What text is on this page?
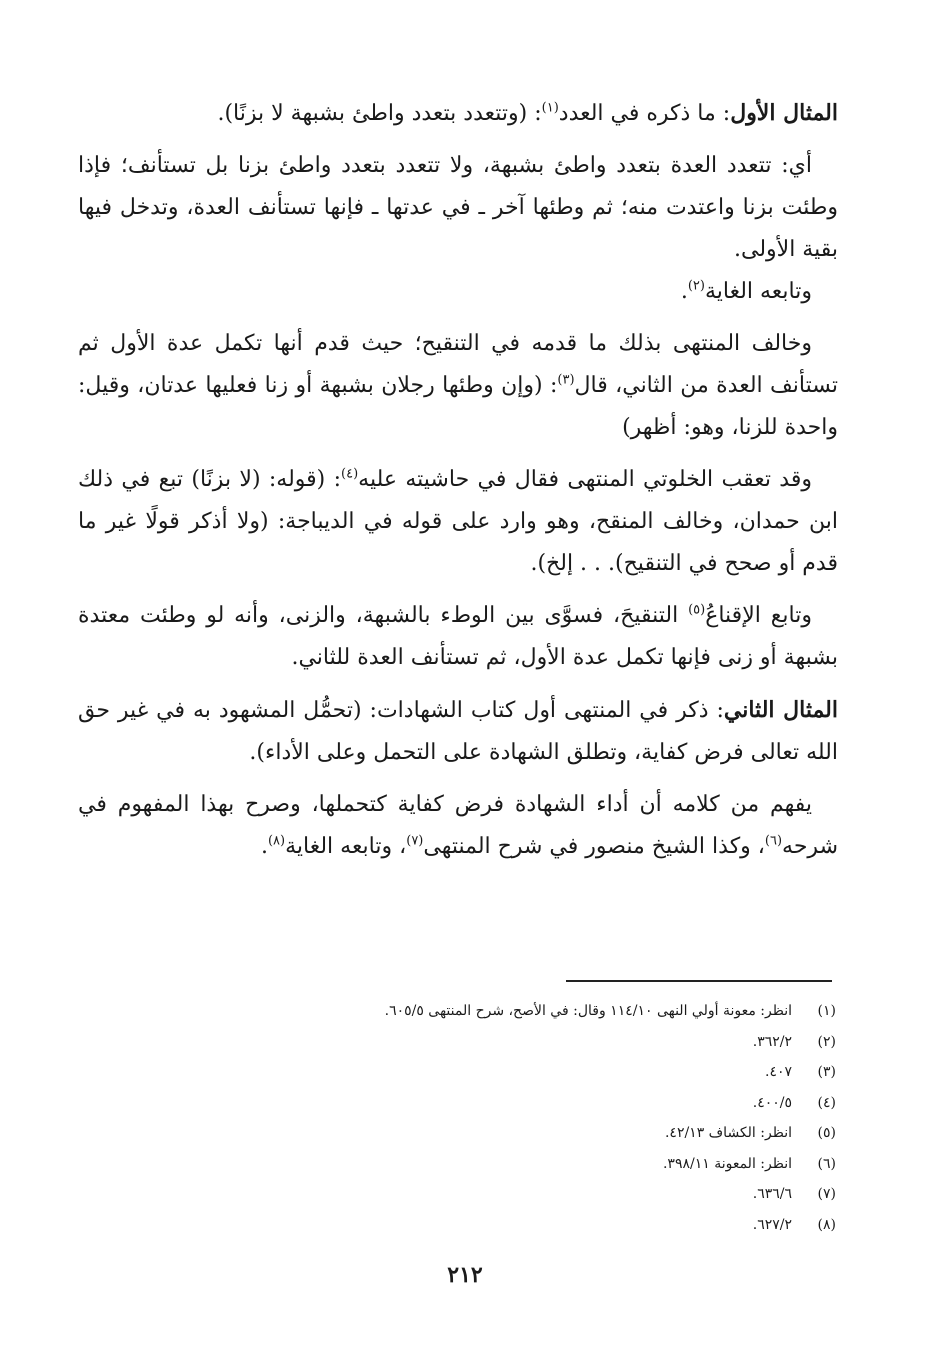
المثال الأول: ما ذكره في العدد$^{(١)}$: (وتتعدد بتعدد واطئ بشبهة لا بزنًا).

أي: تتعدد العدة بتعدد واطئ بشبهة، ولا تتعدد بتعدد واطئ بزنا بل تستأنف؛ فإذا وطئت بزنا واعتدت منه؛ ثم وطئها آخر ـ في عدتها ـ فإنها تستأنف العدة، وتدخل فيها بقية الأولى.

وتابعه الغاية$^{(٢)}$.

وخالف المنتهى بذلك ما قدمه في التنقيح؛ حيث قدم أنها تكمل عدة الأول ثم تستأنف العدة من الثاني، قال$^{(٣)}$: (وإن وطئها رجلان بشبهة أو زنا فعليها عدتان، وقيل: واحدة للزنا، وهو: أظهر)

وقد تعقب الخلوتي المنتهى فقال في حاشيته عليه$^{(٤)}$: (قوله: (لا بزنًا) تبع في ذلك ابن حمدان، وخالف المنقح، وهو وارد على قوله في الديباجة: (ولا أذكر قولًا غير ما قدم أو صحح في التنقيح). . . إلخ).

وتابع الإقناعُ$^{(٥)}$ التنقيحَ، فسوَّى بين الوطء بالشبهة، والزنى، وأنه لو وطئت معتدة بشبهة أو زنى فإنها تكمل عدة الأول، ثم تستأنف العدة للثاني.

المثال الثاني: ذكر في المنتهى أول كتاب الشهادات: (تحمُّل المشهود به في غير حق الله تعالى فرض كفاية، وتطلق الشهادة على التحمل وعلى الأداء).

يفهم من كلامه أن أداء الشهادة فرض كفاية كتحملها، وصرح بهذا المفهوم في شرحه$^{(٦)}$، وكذا الشيخ منصور في شرح المنتهى$^{(٧)}$، وتابعه الغاية$^{(٨)}$.

(١)
انظر: معونة أولي النهى ١١٤/١٠ وقال: في الأصح، شرح المنتهى ٦٠٥/٥.
(٢)
٣٦٢/٢.
(٣)
٤٠٧.
(٤)
٤٠٠/٥.
(٥)
انظر: الكشاف ٤٢/١٣.
(٦)
انظر: المعونة ٣٩٨/١١.
(٧)
٦٣٦/٦.
(٨)
٦٢٧/٢.
٢١٢
